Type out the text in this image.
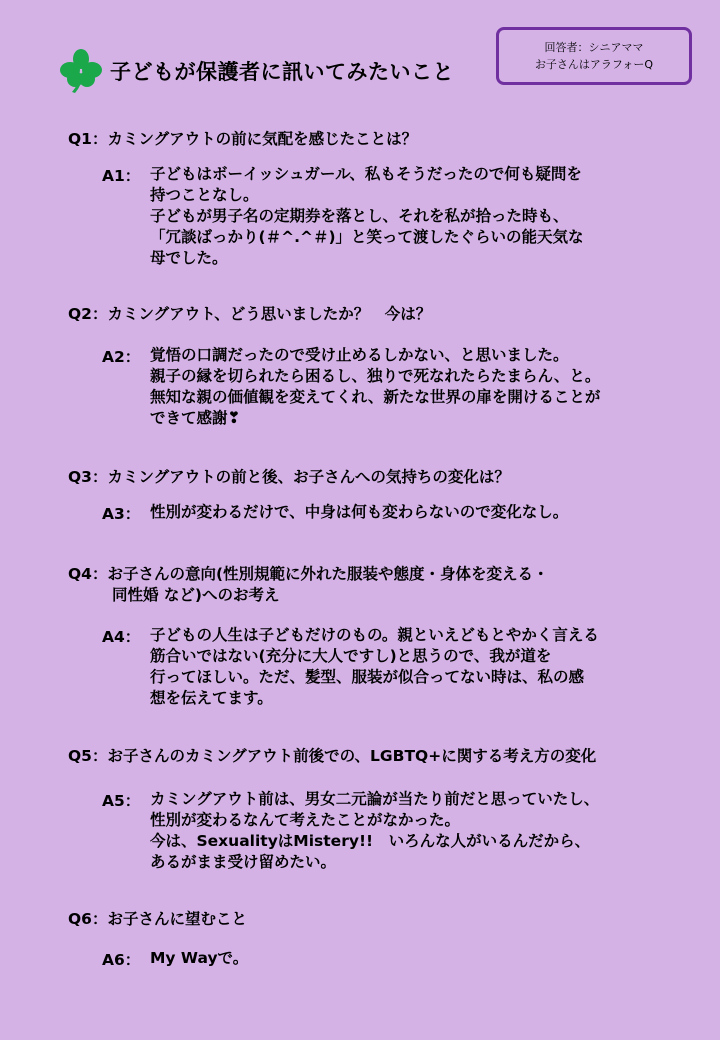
子どもが保護者に訊いてみたいこと
回答者：シニアママ
お子さんはアラフォーQ
Q1：カミングアウトの前に気配を感じたことは？
A1： 子どもはボーイッシュガール、私もそうだったので何も疑問を
持つことなし。
子どもが男子名の定期券を落とし、それを私が拾った時も、
「冗談ばっかり(＃^.^＃)」と笑って渡したぐらいの能天気な
母でした。
Q2：カミングアウト、どう思いましたか？　今は？
A2： 覚悟の口調だったので受け止めるしかない、と思いました。
親子の縁を切られたら困るし、独りで死なれたらたまらん、と。
無知な親の価値観を変えてくれ、新たな世界の扉を開けることが
できて感謝❣
Q3：カミングアウトの前と後、お子さんへの気持ちの変化は？
A3： 性別が変わるだけで、中身は何も変わらないので変化なし。
Q4：お子さんの意向(性別規範に外れた服装や態度・身体を変える・
同性婚 など)へのお考え
A4： 子どもの人生は子どもだけのもの。親といえどもとやかく言える
筋合いではない(充分に大人ですし)と思うので、我が道を
行ってほしい。ただ、髪型、服装が似合ってない時は、私の感
想を伝えてます。
Q5：お子さんのカミングアウト前後での、LGBTQ+に関する考え方の変化
A5： カミングアウト前は、男女二元論が当たり前だと思っていたし、
性別が変わるなんて考えたことがなかった。
今は、SexualityはMistery!!　いろんな人がいるんだから、
あるがまま受け留めたい。
Q6：お子さんに望むこと
A6： My Wayで。
